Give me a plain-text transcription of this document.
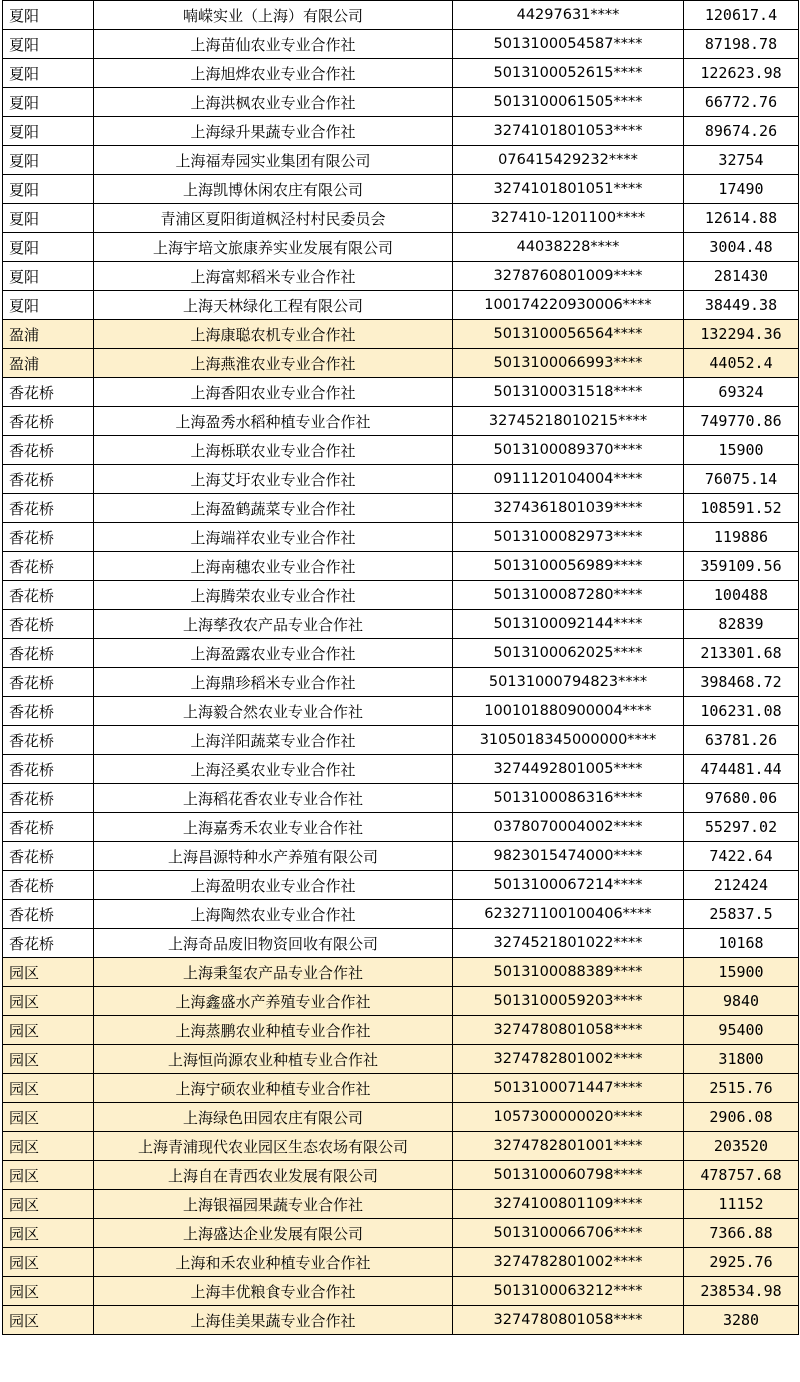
夏阳	喃嵘实业（上海）有限公司	44297631****	120617.4
夏阳	上海苗仙农业专业合作社	5013100054587****	87198.78
夏阳	上海旭烨农业专业合作社	5013100052615****	122623.98
夏阳	上海洪枫农业专业合作社	5013100061505****	66772.76
夏阳	上海绿升果蔬专业合作社	3274101801053****	89674.26
夏阳	上海福寿园实业集团有限公司	076415429232****	32754
夏阳	上海凯博休闲农庄有限公司	3274101801051****	17490
夏阳	青浦区夏阳街道枫泾村村民委员会	327410-1201100****	12614.88
夏阳	上海宇培文旅康养实业发展有限公司	44038228****	3004.48
夏阳	上海富郏稻米专业合作社	3278760801009****	281430
夏阳	上海天林绿化工程有限公司	100174220930006****	38449.38
盈浦	上海康聪农机专业合作社	5013100056564****	132294.36
盈浦	上海燕淮农业专业合作社	5013100066993****	44052.4
香花桥	上海香阳农业专业合作社	5013100031518****	69324
香花桥	上海盈秀水稻种植专业合作社	32745218010215****	749770.86
香花桥	上海栎联农业专业合作社	5013100089370****	15900
香花桥	上海艾圩农业专业合作社	0911120104004****	76075.14
香花桥	上海盈鹤蔬菜专业合作社	3274361801039****	108591.52
香花桥	上海端祥农业专业合作社	5013100082973****	119886
香花桥	上海南穗农业专业合作社	5013100056989****	359109.56
香花桥	上海腾荣农业专业合作社	5013100087280****	100488
香花桥	上海孳孜农产品专业合作社	5013100092144****	82839
香花桥	上海盈露农业专业合作社	5013100062025****	213301.68
香花桥	上海鼎珍稻米专业合作社	50131000794823****	398468.72
香花桥	上海毅合然农业专业合作社	100101880900004****	106231.08
香花桥	上海洋阳蔬菜专业合作社	3105018345000000****	63781.26
香花桥	上海泾奚农业专业合作社	3274492801005****	474481.44
香花桥	上海稻花香农业专业合作社	5013100086316****	97680.06
香花桥	上海嘉秀禾农业专业合作社	0378070004002****	55297.02
香花桥	上海昌源特种水产养殖有限公司	9823015474000****	7422.64
香花桥	上海盈明农业专业合作社	5013100067214****	212424
香花桥	上海陶然农业专业合作社	623271100100406****	25837.5
香花桥	上海奇品废旧物资回收有限公司	3274521801022****	10168
园区	上海秉玺农产品专业合作社	5013100088389****	15900
园区	上海鑫盛水产养殖专业合作社	5013100059203****	9840
园区	上海蒸鹏农业种植专业合作社	3274780801058****	95400
园区	上海恒尚源农业种植专业合作社	3274782801002****	31800
园区	上海宁硕农业种植专业合作社	5013100071447****	2515.76
园区	上海绿色田园农庄有限公司	1057300000020****	2906.08
园区	上海青浦现代农业园区生态农场有限公司	3274782801001****	203520
园区	上海自在青西农业发展有限公司	5013100060798****	478757.68
园区	上海银福园果蔬专业合作社	3274100801109****	11152
园区	上海盛达企业发展有限公司	5013100066706****	7366.88
园区	上海和禾农业种植专业合作社	3274782801002****	2925.76
园区	上海丰优粮食专业合作社	5013100063212****	238534.98
园区	上海佳美果蔬专业合作社	3274780801058****	3280
